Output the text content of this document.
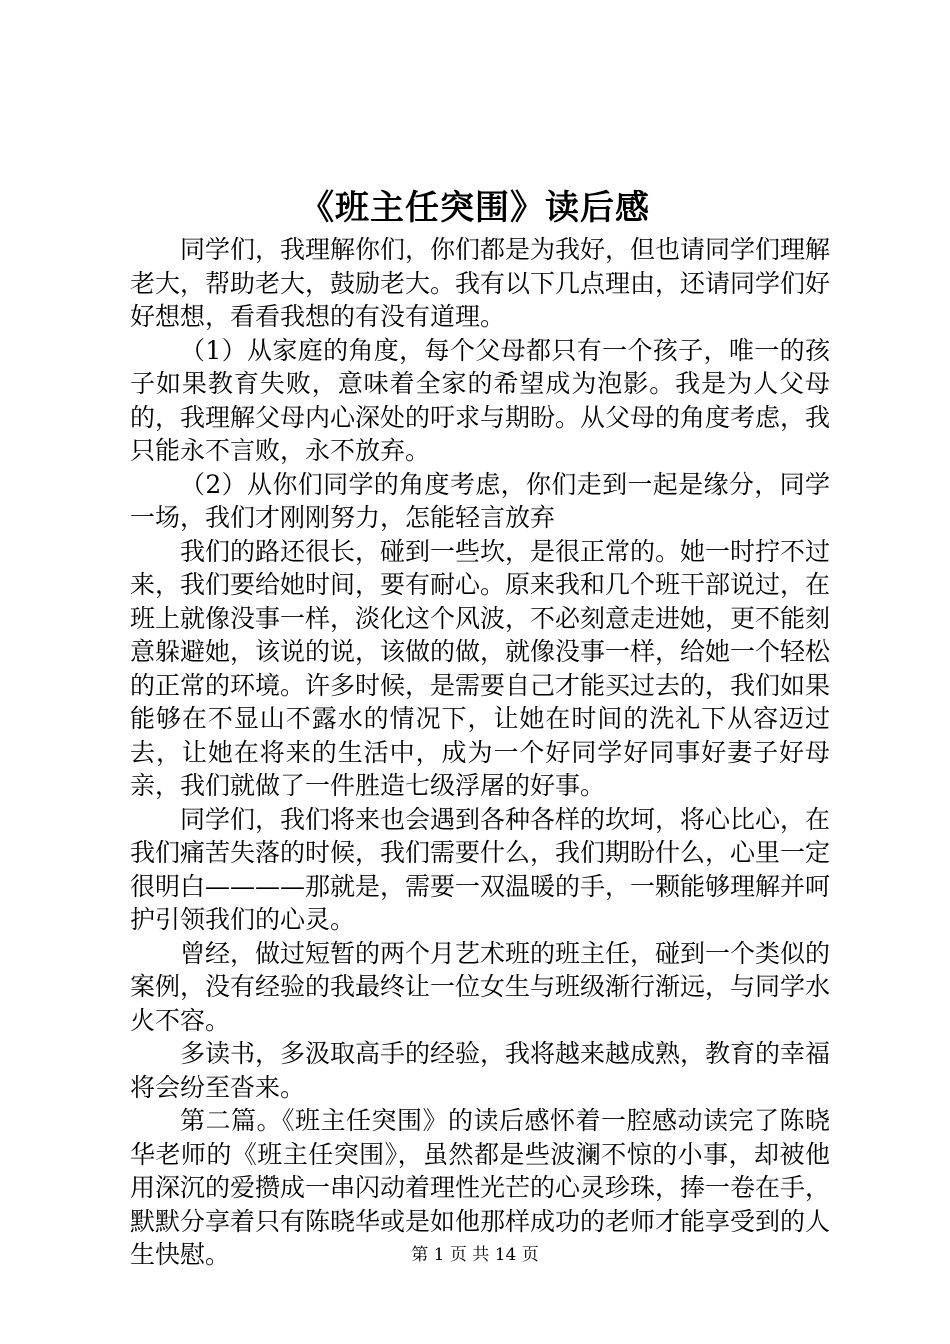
《班主任突围》读后感

同学们，我理解你们，你们都是为我好，但也请同学们理解老大，帮助老大，鼓励老大。我有以下几点理由，还请同学们好好想想，看看我想的有没有道理。

（1）从家庭的角度，每个父母都只有一个孩子，唯一的孩子如果教育失败，意味着全家的希望成为泡影。我是为人父母的，我理解父母内心深处的吁求与期盼。从父母的角度考虑，我只能永不言败，永不放弃。

（2）从你们同学的角度考虑，你们走到一起是缘分，同学一场，我们才刚刚努力，怎能轻言放弃

我们的路还很长，碰到一些坎，是很正常的。她一时拧不过来，我们要给她时间，要有耐心。原来我和几个班干部说过，在班上就像没事一样，淡化这个风波，不必刻意走进她，更不能刻意躲避她，该说的说，该做的做，就像没事一样，给她一个轻松的正常的环境。许多时候，是需要自己才能买过去的，我们如果能够在不显山不露水的情况下，让她在时间的洗礼下从容迈过去，让她在将来的生活中，成为一个好同学好同事好妻子好母亲，我们就做了一件胜造七级浮屠的好事。

同学们，我们将来也会遇到各种各样的坎坷，将心比心，在我们痛苦失落的时候，我们需要什么，我们期盼什么，心里一定很明白————那就是，需要一双温暖的手，一颗能够理解并呵护引领我们的心灵。

曾经，做过短暂的两个月艺术班的班主任，碰到一个类似的案例，没有经验的我最终让一位女生与班级渐行渐远，与同学水火不容。

多读书，多汲取高手的经验，我将越来越成熟，教育的幸福将会纷至沓来。

第二篇。《班主任突围》的读后感怀着一腔感动读完了陈晓华老师的《班主任突围》，虽然都是些波澜不惊的小事，却被他用深沉的爱攒成一串闪动着理性光芒的心灵珍珠，捧一卷在手，默默分享着只有陈晓华或是如他那样成功的老师才能享受到的人生快慰。	第 1 页 共 14 页
